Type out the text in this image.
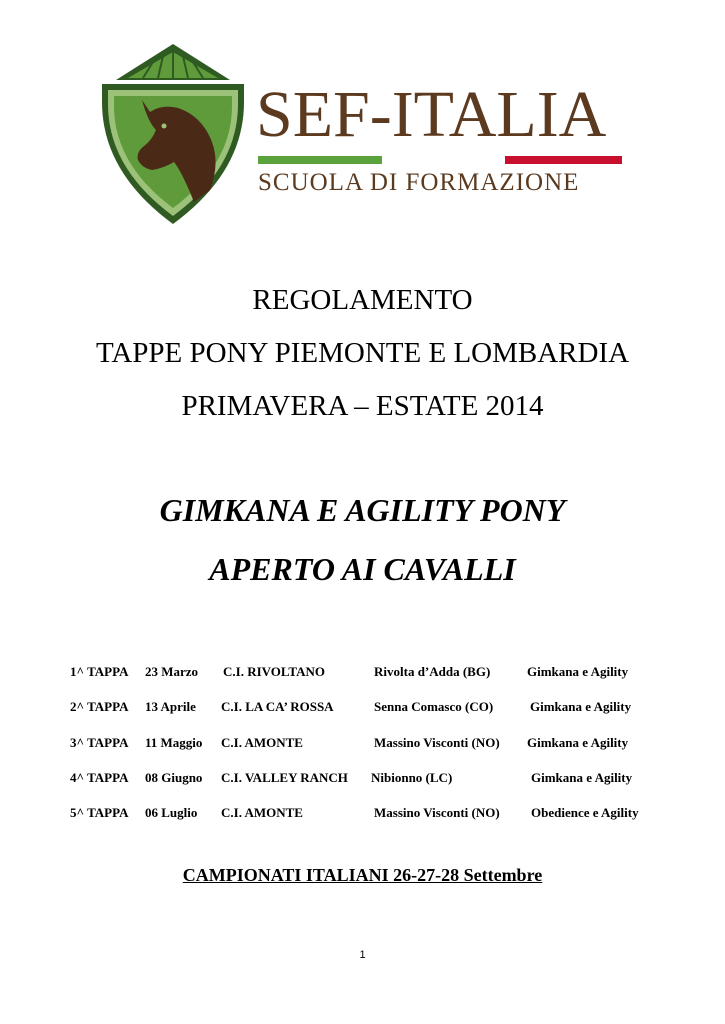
SEF-ITALIA
SCUOLA DI FORMAZIONE
REGOLAMENTO
TAPPE PONY PIEMONTE E LOMBARDIA
PRIMAVERA – ESTATE 2014
GIMKANA E AGILITY PONY
APERTO AI CAVALLI
1^ TAPPA 23 Marzo C.I. RIVOLTANO	Rivolta d’Adda (BG)	Gimkana e Agility
2^ TAPPA 13 Aprile C.I. LA CA’ ROSSA	Senna Comasco (CO)	Gimkana e Agility
3^ TAPPA 11 Maggio C.I. AMONTE	Massino Visconti (NO) Gimkana e Agility
4^ TAPPA 08 Giugno C.I. VALLEY RANCH Nibionno (LC)	Gimkana e Agility
5^ TAPPA 06 Luglio C.I. AMONTE	Massino Visconti (NO) Obedience e Agility
CAMPIONATI ITALIANI 26-27-28 Settembre
1
